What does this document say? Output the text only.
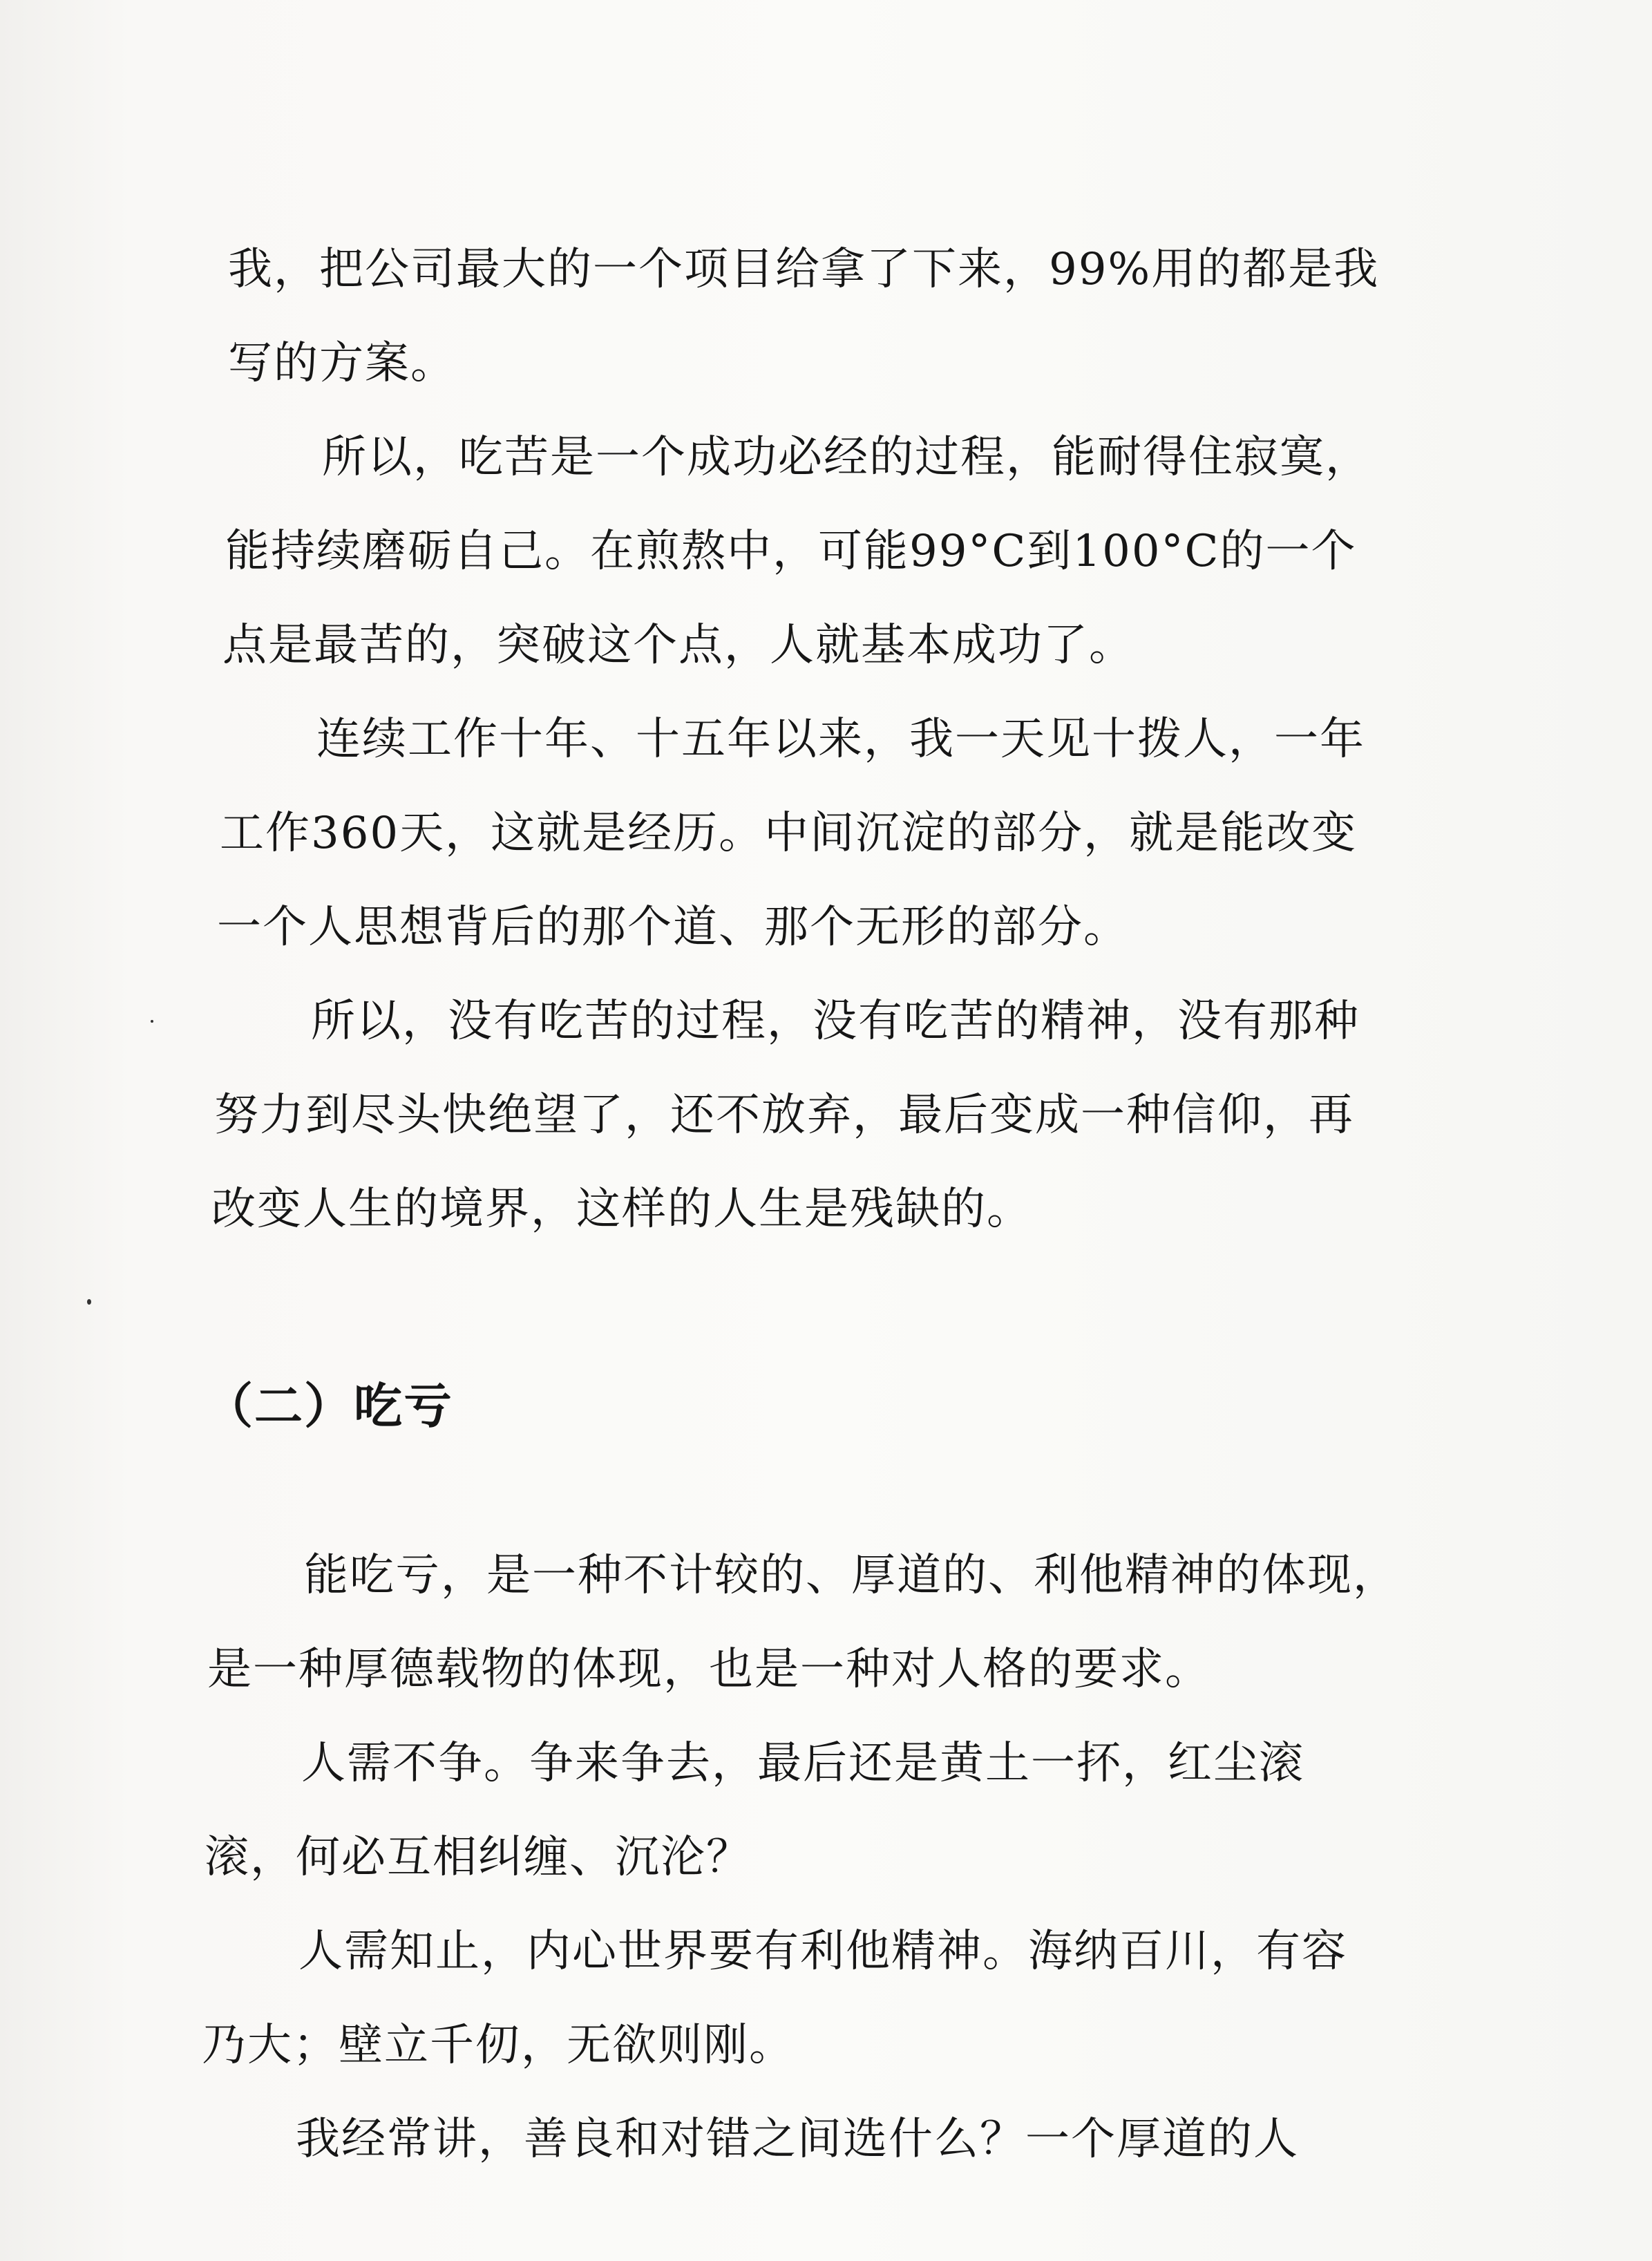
我，把公司最大的一个项目给拿了下来，99%用的都是我
写的方案。
所以，吃苦是一个成功必经的过程，能耐得住寂寞，
能持续磨砺自己。在煎熬中，可能99°C到100°C的一个
点是最苦的，突破这个点，人就基本成功了。
连续工作十年、十五年以来，我一天见十拨人，一年
工作360天，这就是经历。中间沉淀的部分，就是能改变
一个人思想背后的那个道、那个无形的部分。
所以，没有吃苦的过程，没有吃苦的精神，没有那种
努力到尽头快绝望了，还不放弃，最后变成一种信仰，再
改变人生的境界，这样的人生是残缺的。
（二）吃亏
能吃亏，是一种不计较的、厚道的、利他精神的体现，
是一种厚德载物的体现，也是一种对人格的要求。
人需不争。争来争去，最后还是黄土一抔，红尘滚
滚，何必互相纠缠、沉沦？
人需知止，内心世界要有利他精神。海纳百川，有容
乃大；壁立千仞，无欲则刚。
我经常讲，善良和对错之间选什么？一个厚道的人
